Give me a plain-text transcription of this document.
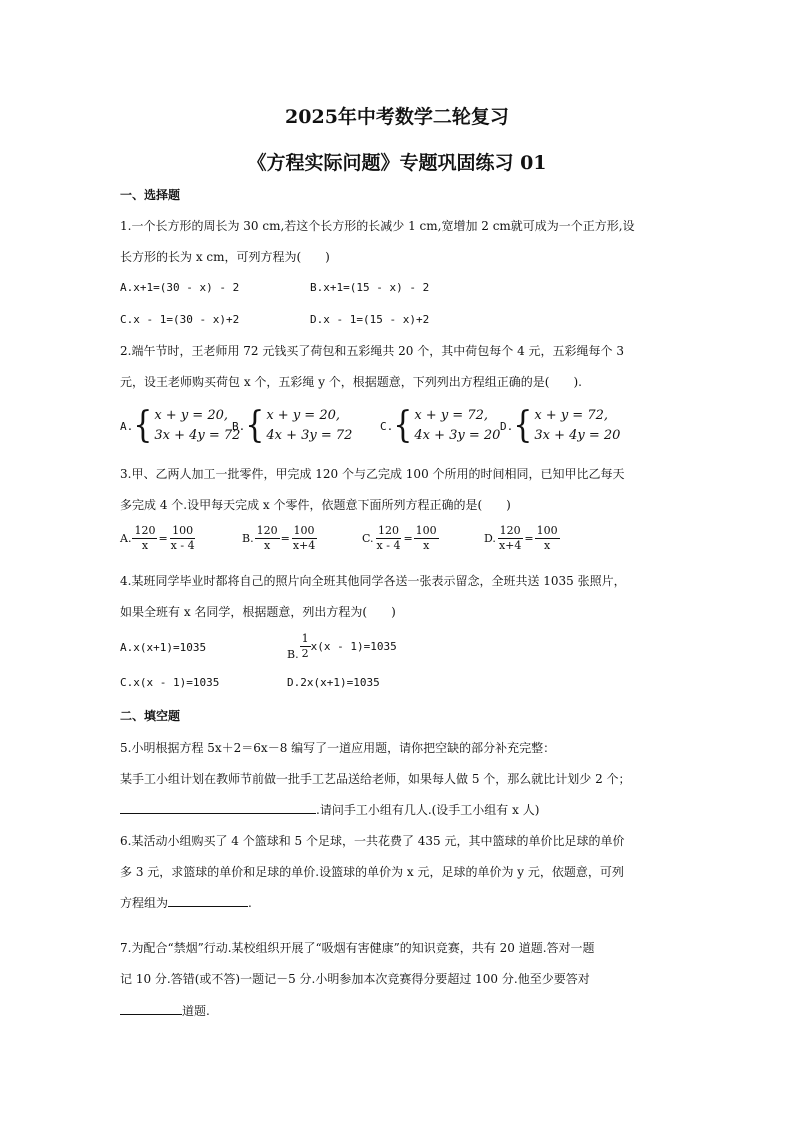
2025年中考数学二轮复习
《方程实际问题》专题巩固练习 01
一、选择题
1.一个长方形的周长为 30 cm,若这个长方形的长减少 1 cm,宽增加 2 cm就可成为一个正方形,设
长方形的长为 x cm，可列方程为(　　)
A.x+1=(30 - x) - 2	B.x+1=(15 - x) - 2
C.x - 1=(30 - x)+2	D.x - 1=(15 - x)+2
2.端午节时，王老师用 72 元钱买了荷包和五彩绳共 20 个，其中荷包每个 4 元，五彩绳每个 3
元，设王老师购买荷包 x 个，五彩绳 y 个，根据题意，下列列出方程组正确的是(　　).
A. { x + y = 20,
3x + 4y = 72
B. { x + y = 20,
4x + 3y = 72
C. { x + y = 72,
4x + 3y = 20
D. { x + y = 72,
3x + 4y = 20
3.甲、乙两人加工一批零件，甲完成 120 个与乙完成 100 个所用的时间相同，已知甲比乙每天
多完成 4 个.设甲每天完成 x 个零件，依题意下面所列方程正确的是(　　)
A. $\frac{120}{x} = \frac{100}{x - 4}$	B. $\frac{120}{x} = \frac{100}{x+4}$	C. $\frac{120}{x - 4} = \frac{100}{x}$	D. $\frac{120}{x+4} = \frac{100}{x}$
4.某班同学毕业时都将自己的照片向全班其他同学各送一张表示留念，全班共送 1035 张照片，
如果全班有 x 名同学，根据题意，列出方程为(　　)
A.x(x+1)=1035
B. $\frac{1}{2} x(x - 1)=1035$
C.x(x - 1)=1035	D.2x(x+1)=1035
二、填空题
5.小明根据方程 5x＋2＝6x－8 编写了一道应用题，请你把空缺的部分补充完整：
某手工小组计划在教师节前做一批手工艺品送给老师，如果每人做 5 个，那么就比计划少 2 个；
.请问手工小组有几人.(设手工小组有 x 人)
6.某活动小组购买了 4 个篮球和 5 个足球，一共花费了 435 元，其中篮球的单价比足球的单价
多 3 元，求篮球的单价和足球的单价.设篮球的单价为 x 元，足球的单价为 y 元，依题意，可列
方程组为	.
7.为配合“禁烟”行动.某校组织开展了“吸烟有害健康”的知识竞赛，共有 20 道题.答对一题
记 10 分.答错(或不答)一题记－5 分.小明参加本次竞赛得分要超过 100 分.他至少要答对
道题.
